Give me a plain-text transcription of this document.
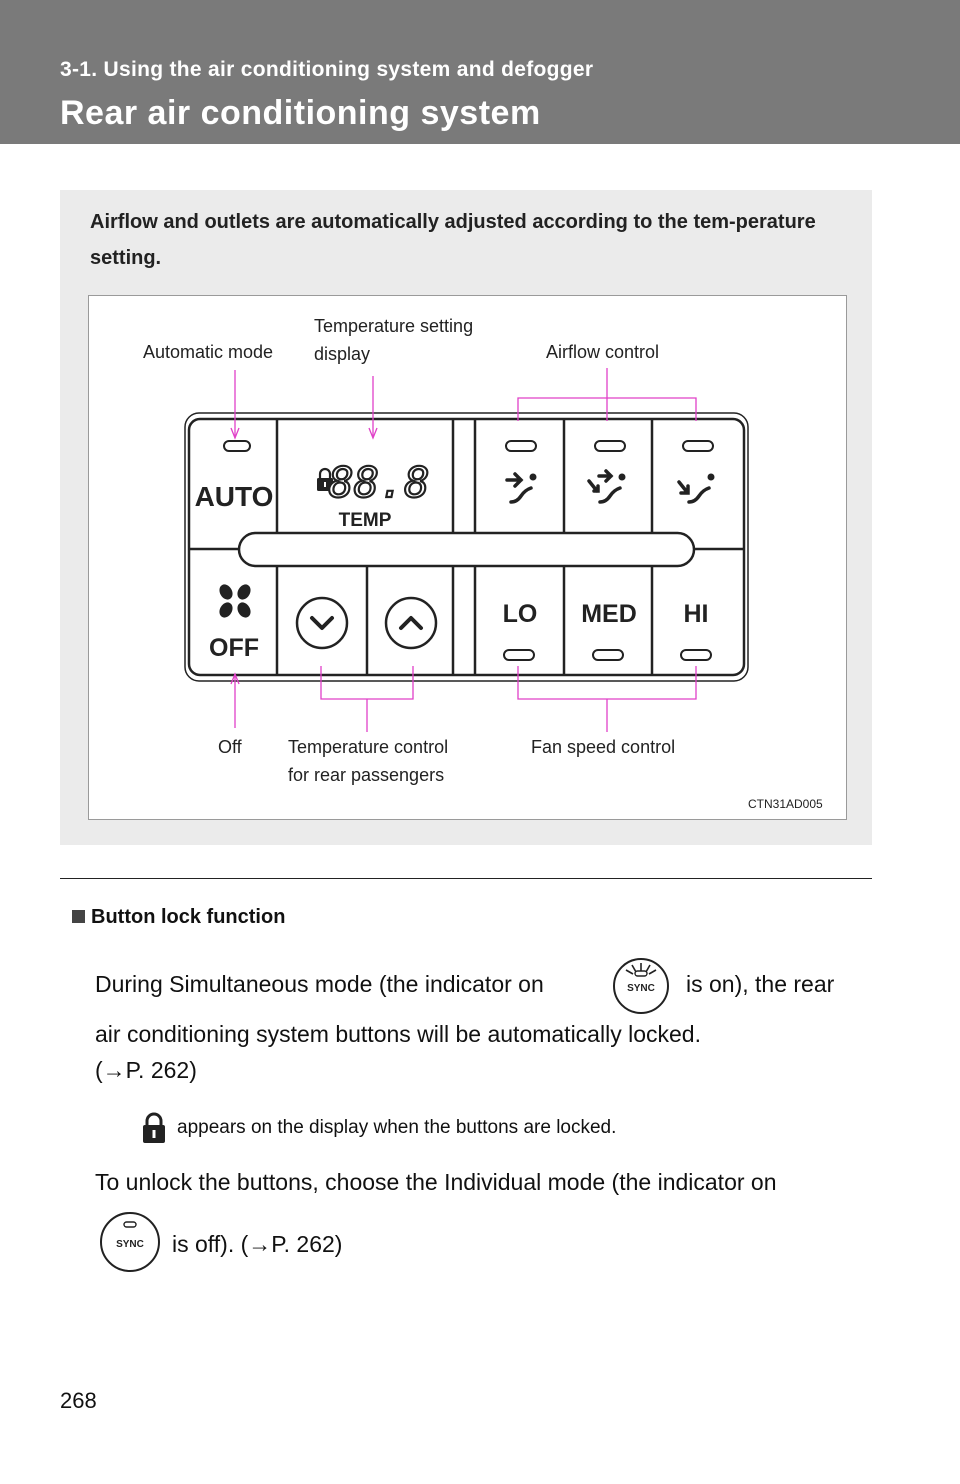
3-1. Using the air conditioning system and defogger
Rear air conditioning system
Airflow and outlets are automatically adjusted according to the tem-perature setting.
AUTO 88.8
TEMP
OFF
LO MED HI
Automatic mode
Temperature setting
display	Airflow control
Off	Temperature control
for rear passengers
Fan speed control
CTN31AD005
Button lock function
During Simultaneous mode (the indicator on	SYNC is on), the rear
air conditioning system buttons will be automatically locked.
(→P. 262)
appears on the display when the buttons are locked.
To unlock the buttons, choose the Individual mode (the indicator on
SYNC is off). (→P. 262)
268
